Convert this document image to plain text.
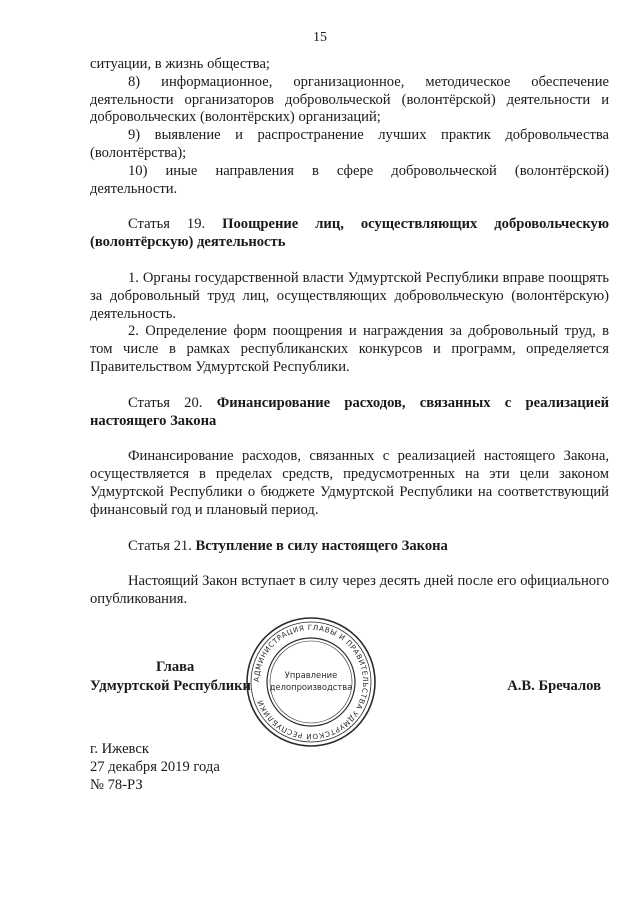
15

ситуации, в жизнь общества;

8) информационное, организационное, методическое обеспечение деятельности организаторов добровольческой (волонтёрской) деятельности и добровольческих (волонтёрских) организаций;

9) выявление и распространение лучших практик добровольчества (волонтёрства);

10) иные направления в сфере добровольческой (волонтёрской) деятельности.

Статья 19. Поощрение лиц, осуществляющих добровольческую (волонтёрскую) деятельность

1. Органы государственной власти Удмуртской Республики вправе поощрять за добровольный труд лиц, осуществляющих добровольческую (волонтёрскую) деятельность.

2. Определение форм поощрения и награждения за добровольный труд, в том числе в рамках республиканских конкурсов и программ, определяется Правительством Удмуртской Республики.

Статья 20. Финансирование расходов, связанных с реализацией настоящего Закона

Финансирование расходов, связанных с реализацией настоящего Закона, осуществляется в пределах средств, предусмотренных на эти цели законом Удмуртской Республики о бюджете Удмуртской Республики на соответствующий финансовый год и плановый период.

Статья 21. Вступление в силу настоящего Закона

Настоящий Закон вступает в силу через десять дней после его официального опубликования.

АДМИНИСТРАЦИЯ ГЛАВЫ И ПРАВИТЕЛЬСТВА УДМУРТСКОЙ РЕСПУБЛИКИ
Управление
делопроизводства
Глава
Удмуртской Республики	А.В. Бречалов
г. Ижевск
27 декабря 2019 года
№ 78-РЗ
